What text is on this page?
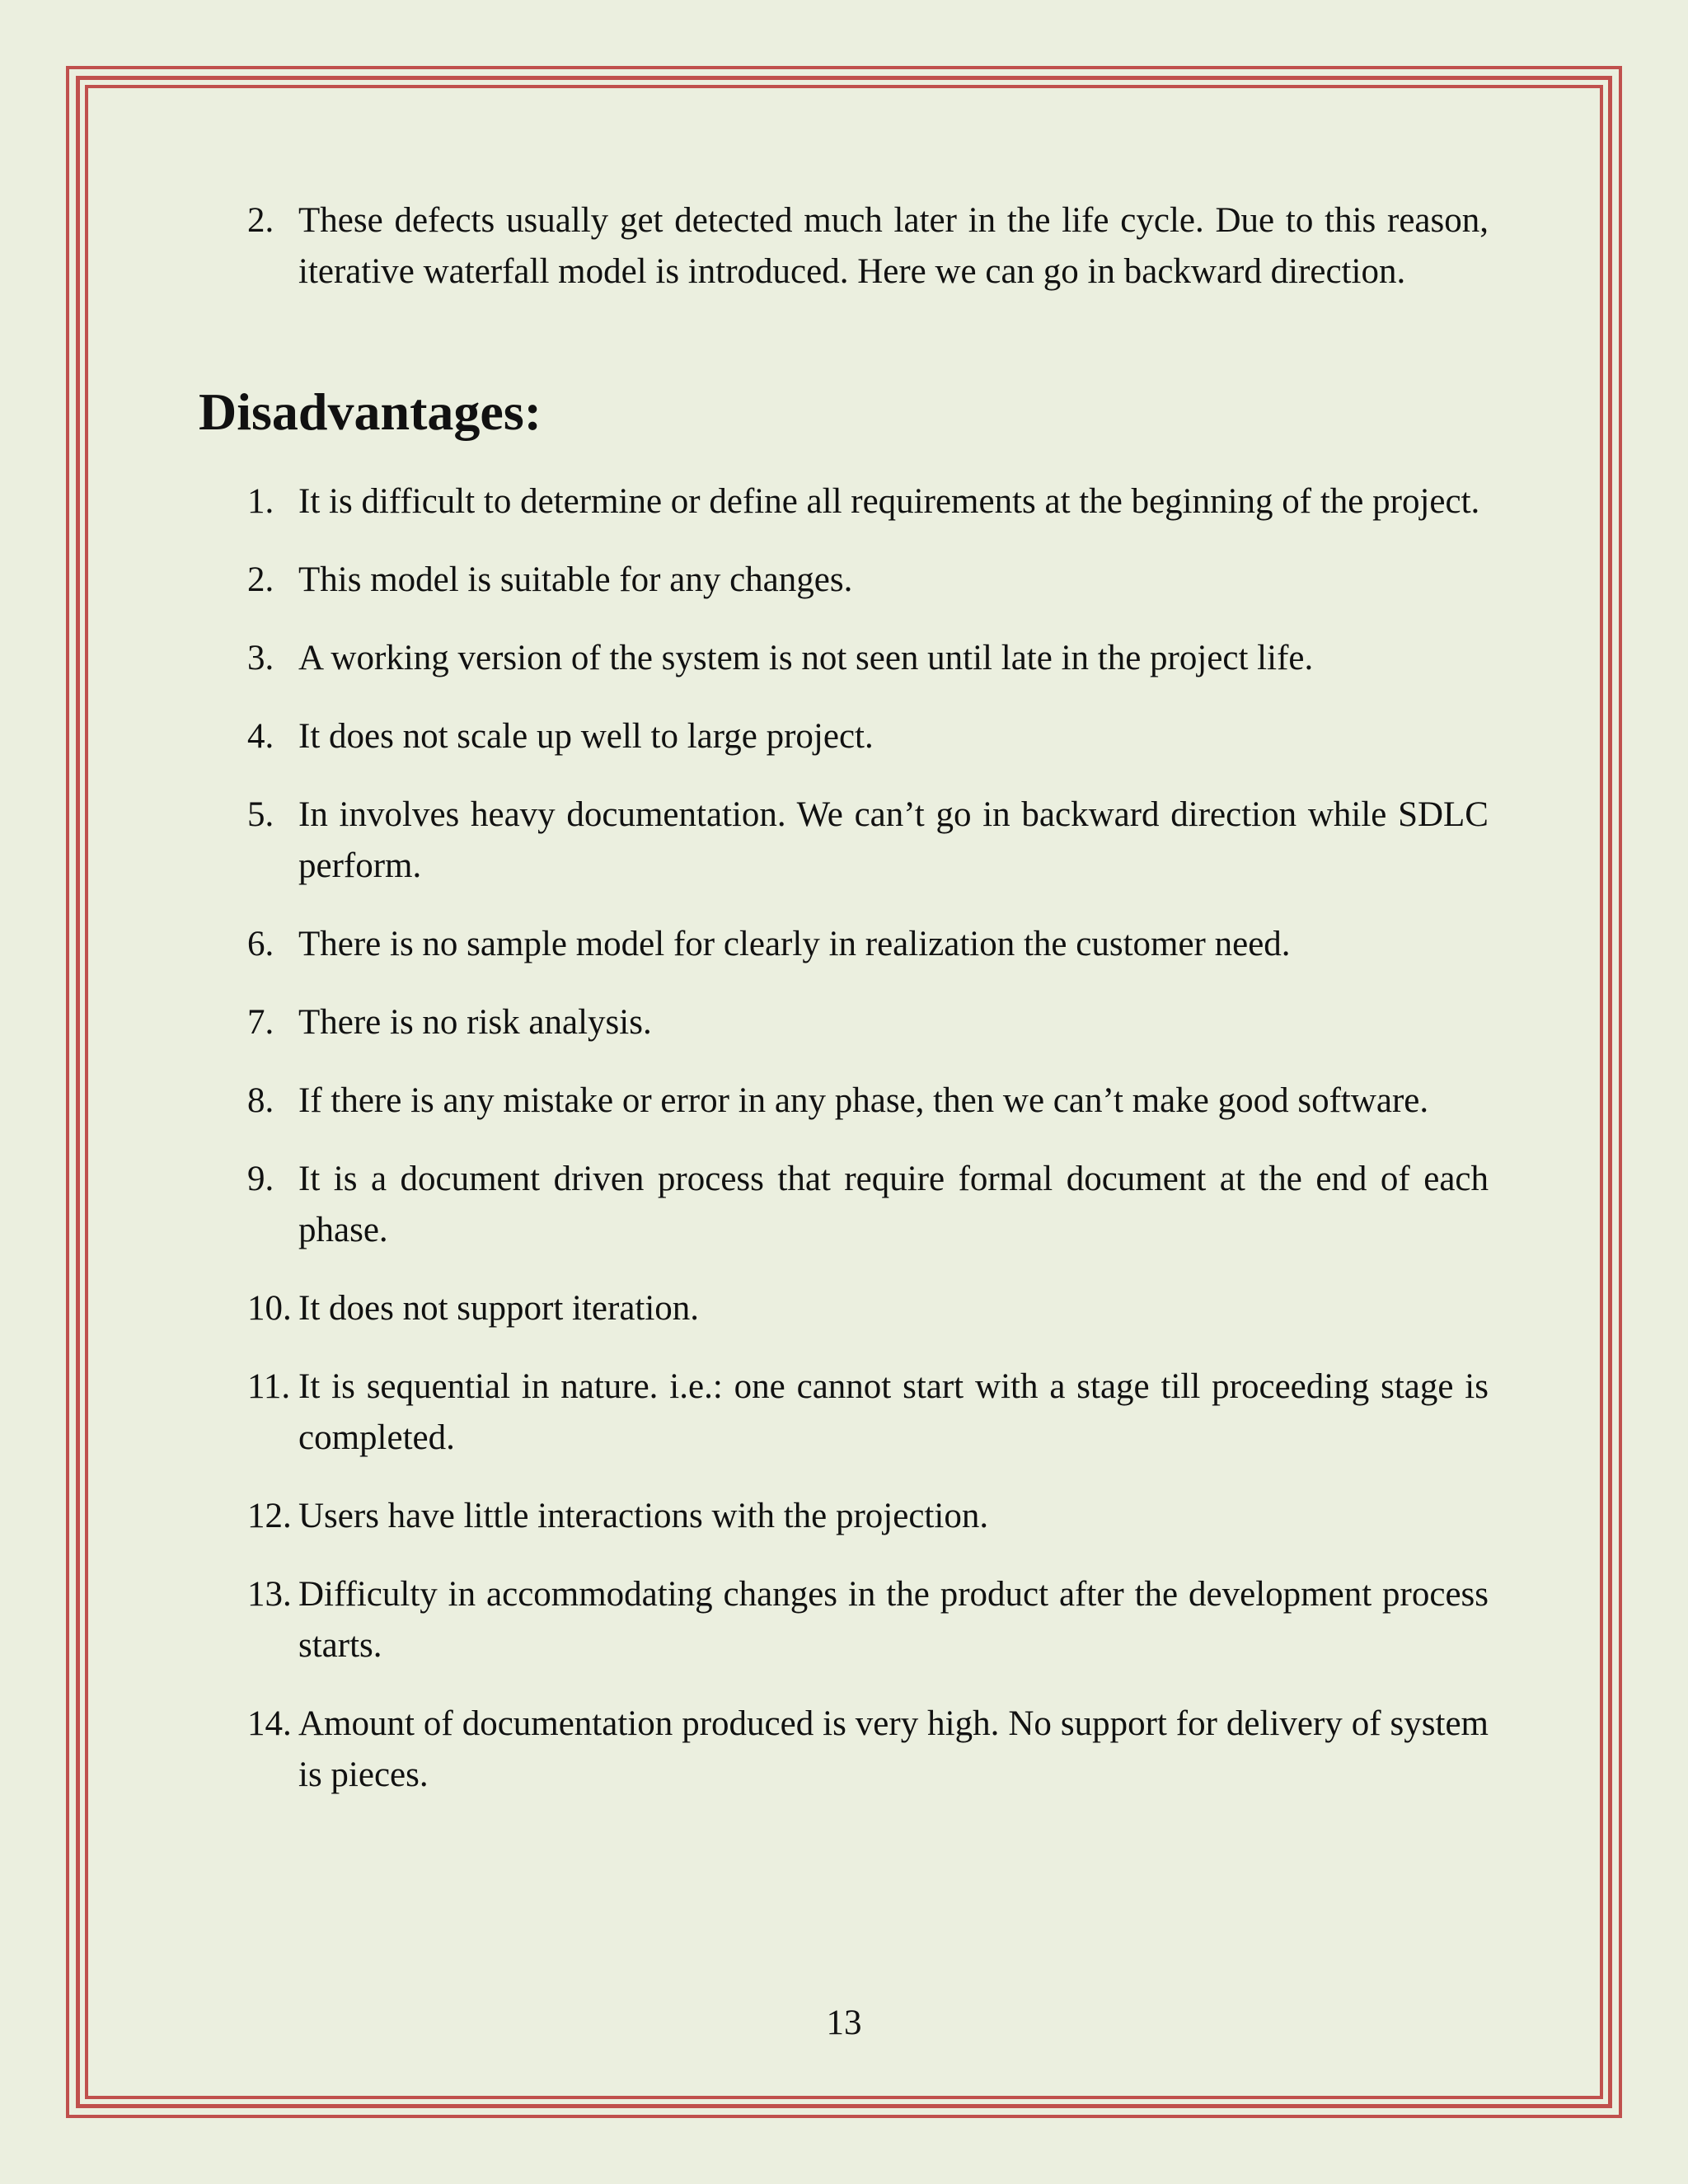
2. These defects usually get detected much later in the life cycle. Due to this reason, iterative waterfall model is introduced. Here we can go in backward direction.
Disadvantages:
1. It is difficult to determine or define all requirements at the beginning of the project.
2. This model is suitable for any changes.
3. A working version of the system is not seen until late in the project life.
4. It does not scale up well to large project.
5. In involves heavy documentation. We can’t go in backward direction while SDLC perform.
6. There is no sample model for clearly in realization the customer need.
7. There is no risk analysis.
8. If there is any mistake or error in any phase, then we can’t make good software.
9. It is a document driven process that require formal document at the end of each phase.
10. It does not support iteration.
11. It is sequential in nature. i.e.: one cannot start with a stage till proceeding stage is completed.
12. Users have little interactions with the projection.
13. Difficulty in accommodating changes in the product after the development process starts.
14. Amount of documentation produced is very high. No support for delivery of system is pieces.
13
